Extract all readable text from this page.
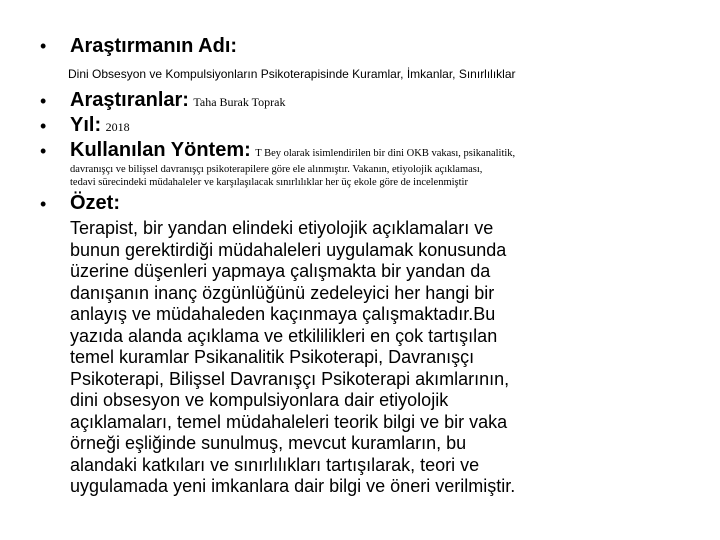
• Araştırmanın Adı:
Dini Obsesyon ve Kompulsiyonların Psikoterapisinde Kuramlar, İmkanlar, Sınırlılıklar
• Araştıranlar: Taha Burak Toprak
• Yıl: 2018
• Kullanılan Yöntem: T Bey olarak isimlendirilen bir dini OKB vakası, psikanalitik,
davranışçı ve bilişsel davranışçı psikoterapilere göre ele alınmıştır. Vakanın, etiyolojik açıklaması,
tedavi sürecindeki müdahaleler ve karşılaşılacak sınırlılıklar her üç ekole göre de incelenmiştir
• Özet:
Terapist, bir yandan elindeki etiyolojik açıklamaları ve
bunun gerektirdiği müdahaleleri uygulamak konusunda
üzerine düşenleri yapmaya çalışmakta bir yandan da
danışanın inanç özgünlüğünü zedeleyici her hangi bir
anlayış ve müdahaleden kaçınmaya çalışmaktadır.Bu
yazıda alanda açıklama ve etkililikleri en çok tartışılan
temel kuramlar Psikanalitik Psikoterapi, Davranışçı
Psikoterapi, Bilişsel Davranışçı Psikoterapi akımlarının,
dini obsesyon ve kompulsiyonlara dair etiyolojik
açıklamaları, temel müdahaleleri teorik bilgi ve bir vaka
örneği eşliğinde sunulmuş, mevcut kuramların, bu
alandaki katkıları ve sınırlılıkları tartışılarak, teori ve
uygulamada yeni imkanlara dair bilgi ve öneri verilmiştir.
